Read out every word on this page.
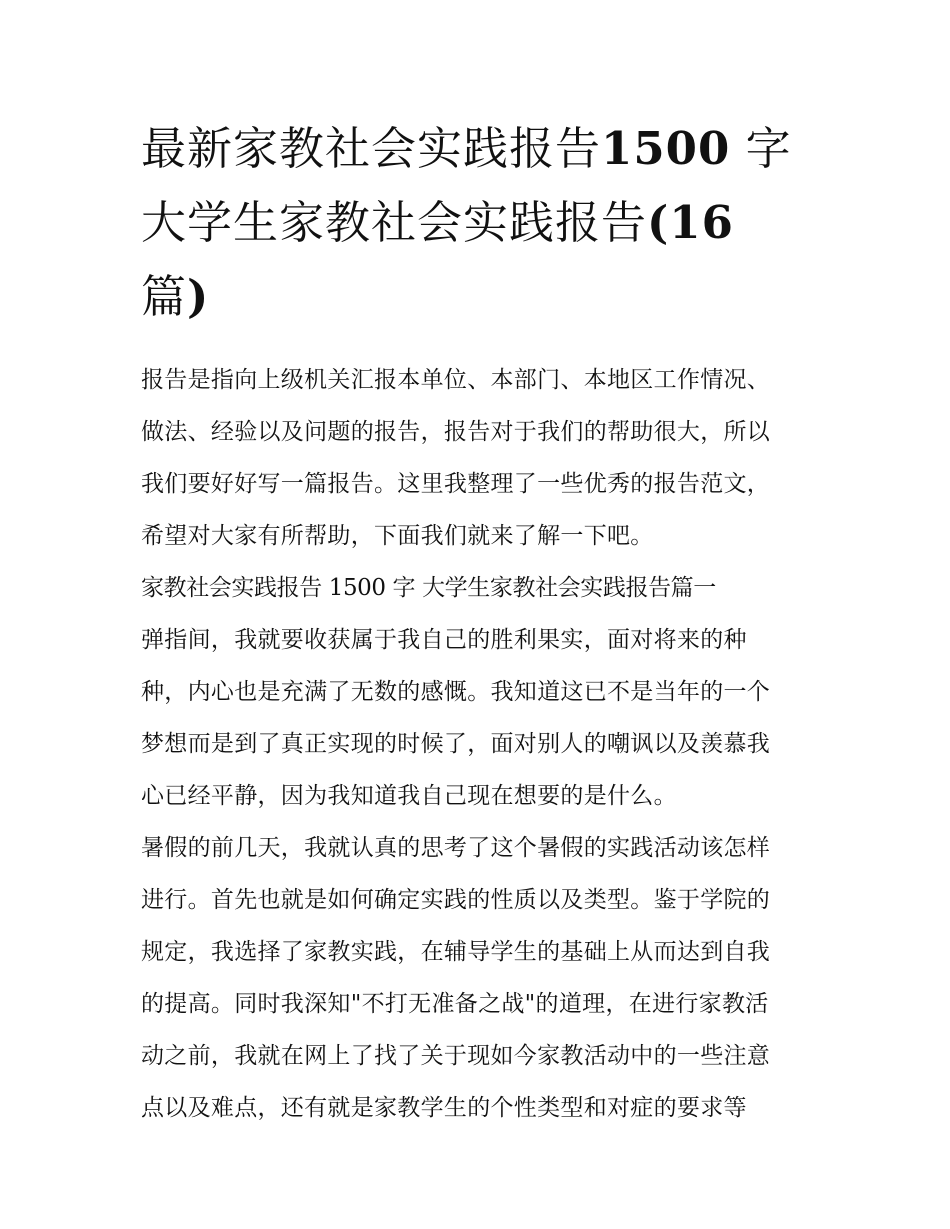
最新家教社会实践报告1500 字
大学生家教社会实践报告(16
篇)

报告是指向上级机关汇报本单位、本部门、本地区工作情况、
做法、经验以及问题的报告，报告对于我们的帮助很大，所以
我们要好好写一篇报告。这里我整理了一些优秀的报告范文，
希望对大家有所帮助，下面我们就来了解一下吧。

家教社会实践报告 1500 字 大学生家教社会实践报告篇一

弹指间，我就要收获属于我自己的胜利果实，面对将来的种
种，内心也是充满了无数的感慨。我知道这已不是当年的一个
梦想而是到了真正实现的时候了，面对别人的嘲讽以及羡慕我
心已经平静，因为我知道我自己现在想要的是什么。

暑假的前几天，我就认真的思考了这个暑假的实践活动该怎样
进行。首先也就是如何确定实践的性质以及类型。鉴于学院的
规定，我选择了家教实践，在辅导学生的基础上从而达到自我
的提高。同时我深知"不打无准备之战"的道理，在进行家教活
动之前，我就在网上了找了关于现如今家教活动中的一些注意
点以及难点，还有就是家教学生的个性类型和对症的要求等
